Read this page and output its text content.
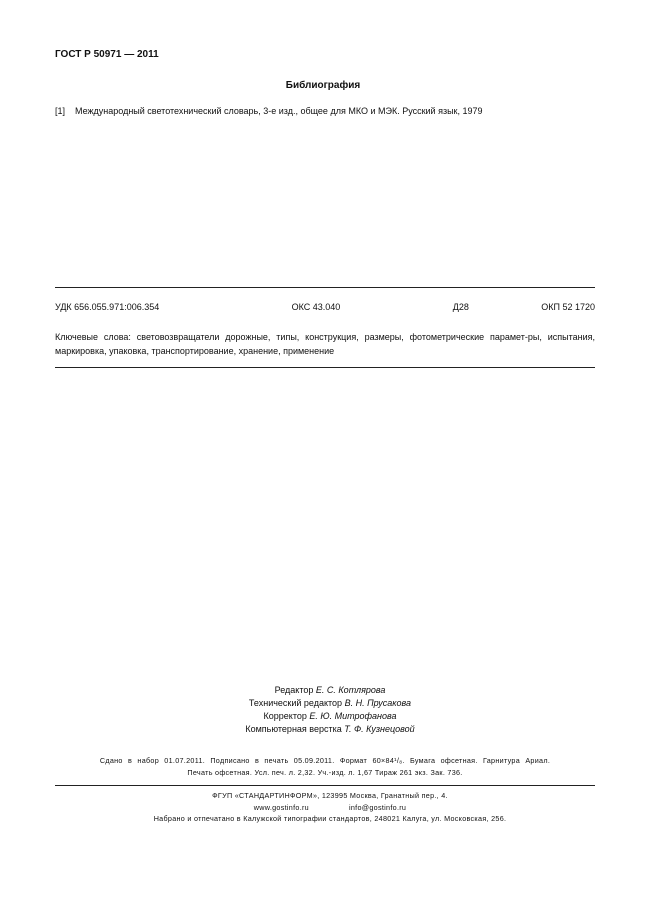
ГОСТ Р 50971 — 2011
Библиография
[1] Международный светотехнический словарь, 3-е изд., общее для МКО и МЭК. Русский язык, 1979
УДК 656.055.971:006.354	ОКС 43.040	Д28	ОКП 52 1720
Ключевые слова: световозвращатели дорожные, типы, конструкция, размеры, фотометрические парамет-ры, испытания, маркировка, упаковка, транспортирование, хранение, применение
Редактор Е. С. Котлярова
Технический редактор В. Н. Прусакова
Корректор Е. Ю. Митрофанова
Компьютерная верстка Т. Ф. Кузнецовой
Сдано в набор 01.07.2011. Подписано в печать 05.09.2011. Формат 60×84¹/₈. Бумага офсетная. Гарнитура Ариал.
Печать офсетная. Усл. печ. л. 2,32. Уч.-изд. л. 1,67 Тираж 261 экз. Зак. 736.
ФГУП «СТАНДАРТИНФОРМ», 123995 Москва, Гранатный пер., 4.
www.gostinfo.ru	info@gostinfo.ru
Набрано и отпечатано в Калужской типографии стандартов, 248021 Калуга, ул. Московская, 256.
